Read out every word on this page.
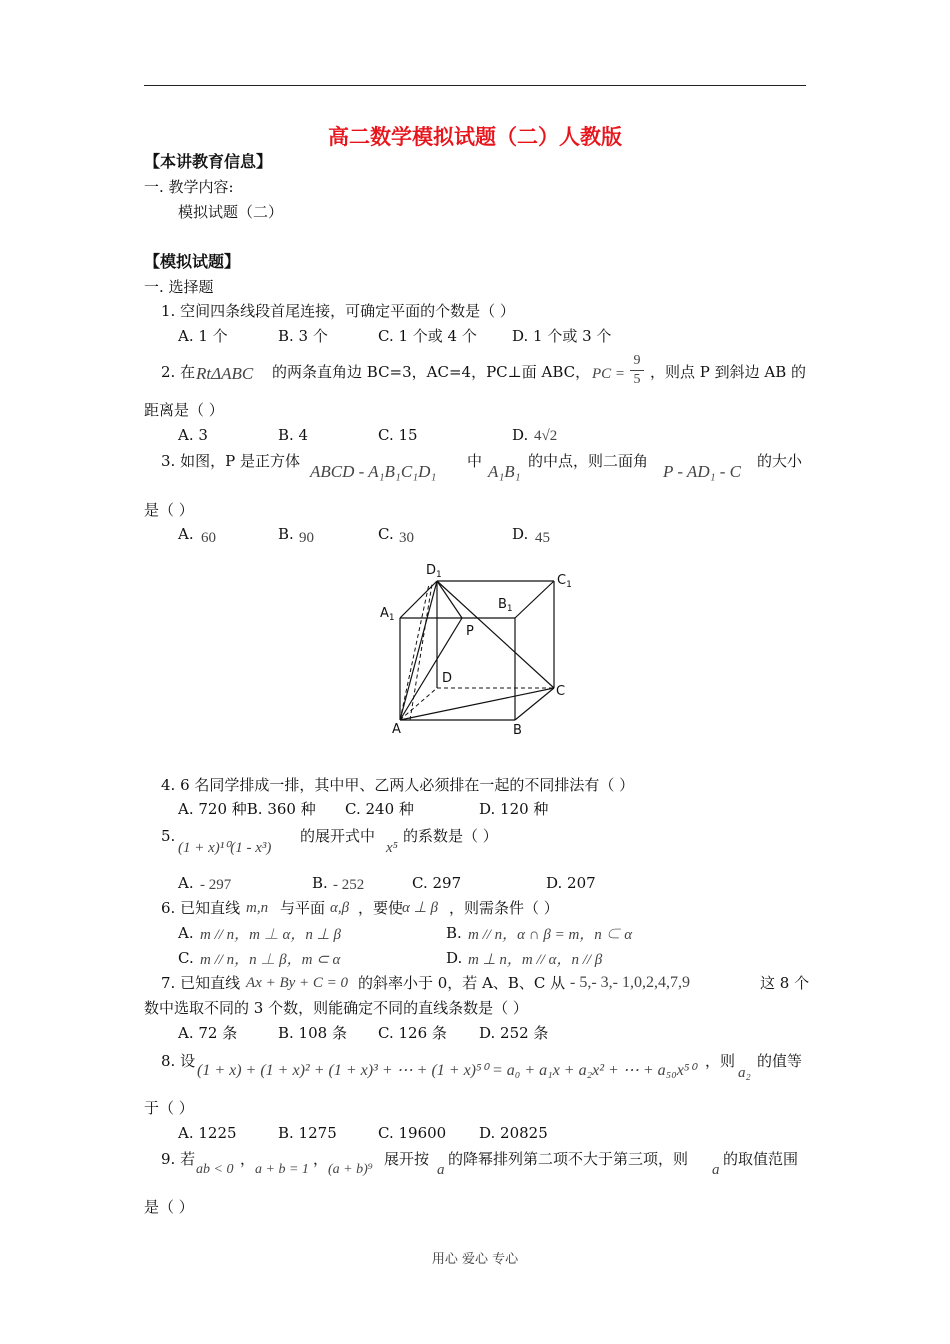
高二数学模拟试题（二）人教版
【本讲教育信息】
一. 教学内容:
模拟试题（二）
【模拟试题】
一. 选择题
1. 空间四条线段首尾连接，可确定平面的个数是（ ）
A. 1 个	B. 3 个	C. 1 个或 4 个 D. 1 个或 3 个
2. 在 RtΔABC 的两条直角边 BC=3，AC=4，PC⊥面 ABC， PC =
9
5 ，则点 P 到斜边 AB 的
距离是（ ）
A. 3	B. 4	C. 15	D. 4√2
3. 如图，P 是正方体
ABCD - A₁B₁C₁D₁
中
A₁B₁
的中点，则二面角
P - AD₁ - C
的大小
是（ ）
A. 60	B. 90	C. 30	D. 45
$D_1$	$C_1$
$A_1$
$B_1$
P
D
C
A	B
4. 6 名同学排成一排，其中甲、乙两人必须排在一起的不同排法有（ ）
A. 720 种B. 360 种 C. 240 种	D. 120 种
5.
(1 + x)¹⁰(1 - x³)
的展开式中
x⁵
的系数是（ ）
A. - 297	B. - 252	C. 297	D. 207
6. 已知直线 m,n 与平面 α,β ，要使
α ⊥ β ，则需条件（ ）
A. m // n，m ⊥ α，n ⊥ β	B. m // n，α ∩ β = m，n ⊂ α
C. m // n，n ⊥ β，m ⊂ α	D. m ⊥ n，m // α，n // β
7. 已知直线 Ax + By + C = 0 的斜率小于 0，若 A、B、C 从 - 5,- 3,- 1,0,2,4,7,9	这 8 个
数中选取不同的 3 个数，则能确定不同的直线条数是（ ）
A. 72 条	B. 108 条 C. 126 条 D. 252 条
8. 设
(1 + x) + (1 + x)² + (1 + x)³ + ⋯ + (1 + x)⁵⁰ = a₀ + a₁x + a₂x² + ⋯ + a₅₀x⁵⁰
，则
a₂
的值等
于（ ）
A. 1225	B. 1275	C. 19600 D. 20825
9. 若
ab < 0
，
a + b = 1
，
(a + b)⁹
展开按
a
的降幂排列第二项不大于第三项，则
a
的取值范围
是（ ）
用心 爱心 专心
